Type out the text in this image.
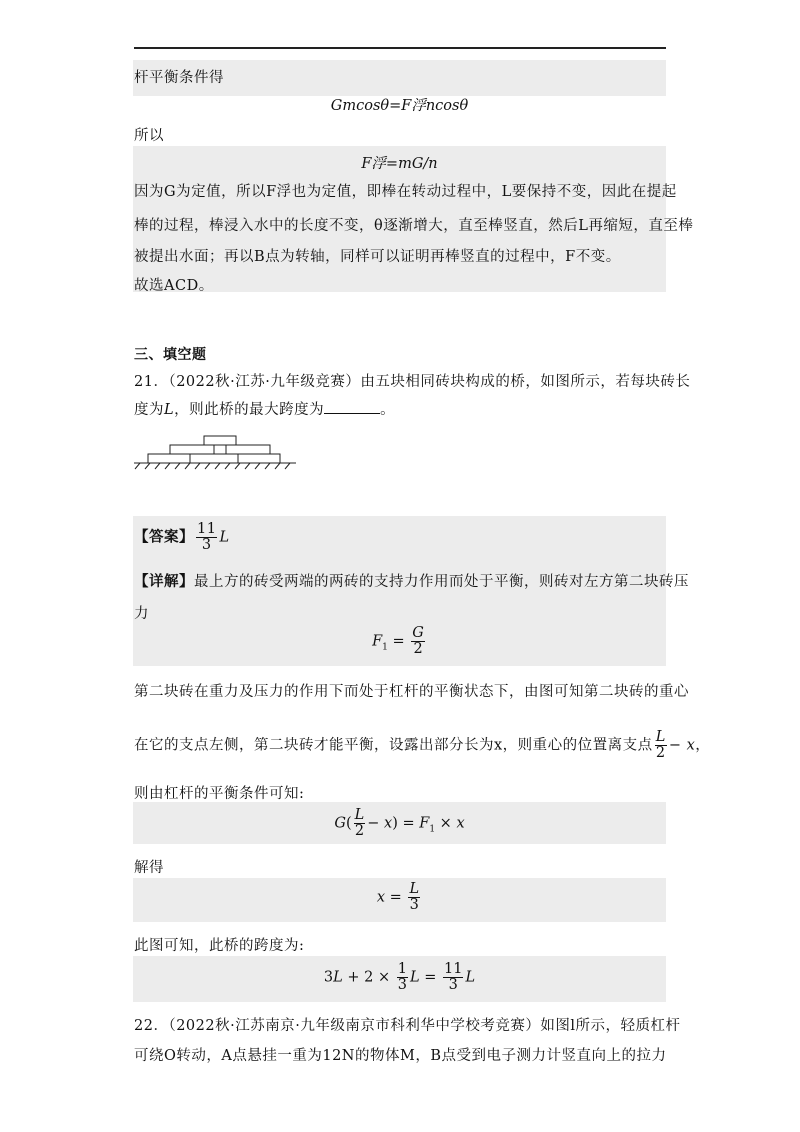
杆平衡条件得
Gmcosθ=F浮ncosθ
所以
F浮=mG/n
因为G为定值，所以F浮也为定值，即棒在转动过程中，L要保持不变，因此在提起
棒的过程，棒浸入水中的长度不变，θ逐渐增大，直至棒竖直，然后L再缩短，直至棒
被提出水面；再以B点为转轴，同样可以证明再棒竖直的过程中，F不变。
故选ACD。
三、填空题
21．（2022秋·江苏·九年级竞赛）由五块相同砖块构成的桥，如图所示，若每块砖长
度为L，则此桥的最大跨度为	。
【答案】 $\frac{11}{3}$ L
【详解】最上方的砖受两端的两砖的支持力作用而处于平衡，则砖对左方第二块砖压
力
$F_1 = \frac{G}{2}$
第二块砖在重力及压力的作用下而处于杠杆的平衡状态下，由图可知第二块砖的重心
在它的支点左侧，第二块砖才能平衡，设露出部分长为x，则重心的位置离支点 $\frac{L}{2} - x$，
则由杠杆的平衡条件可知:
$G( \frac{L}{2} - x) = F_1 \times x$
解得
$x = \frac{L}{3}$
此图可知，此桥的跨度为:
$3L + 2 \times \frac{1}{3}$ $L = \frac{11}{3}$ L
22．（2022秋·江苏南京·九年级南京市科利华中学校考竞赛）如图l所示，轻质杠杆
可绕O转动，A点悬挂一重为12N的物体M，B点受到电子测力计竖直向上的拉力
